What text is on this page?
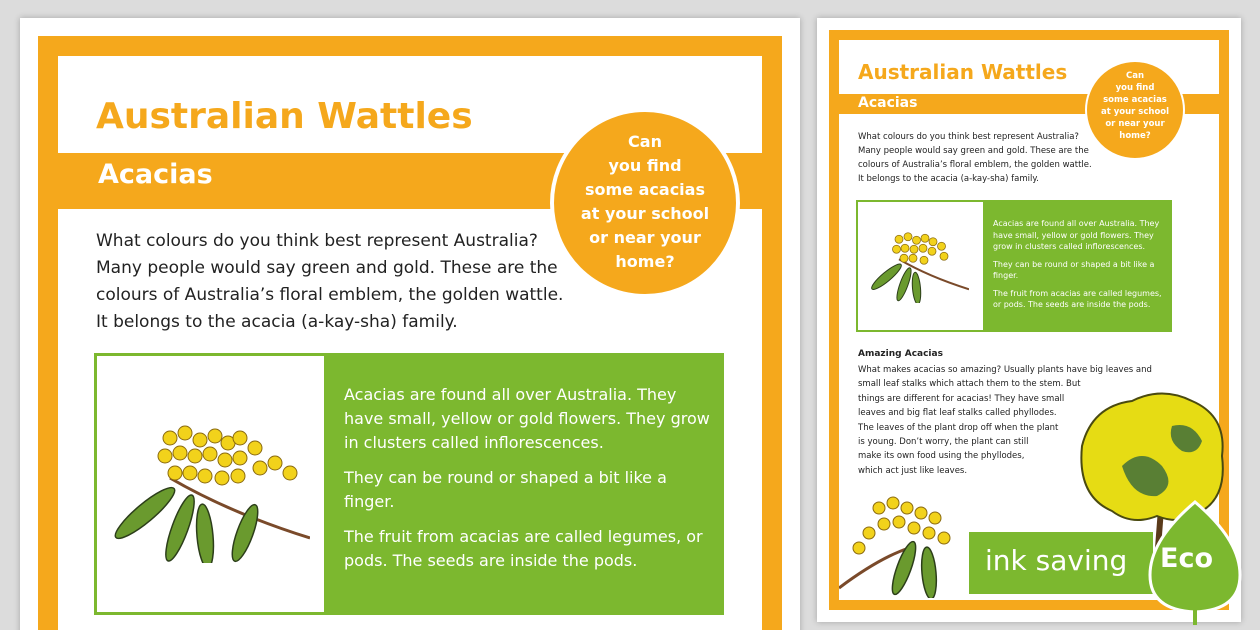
Australian Wattles
Acacias
What colours do you think best represent Australia?
Many people would say green and gold. These are the
colours of Australia’s floral emblem, the golden wattle.
It belongs to the acacia (a-kay-sha) family.

Acacias are found all over Australia. They have small, yellow or gold flowers. They grow in clusters called inflorescences.

They can be round or shaped a bit like a finger.

The fruit from acacias are called legumes, or pods. The seeds are inside the pods.

Can
you find
some acacias
at your school
or near your
home?
Australian Wattles
Acacias
What colours do you think best represent Australia?
Many people would say green and gold. These are the
colours of Australia’s floral emblem, the golden wattle.
It belongs to the acacia (a-kay-sha) family.

Acacias are found all over Australia. They have small, yellow or gold flowers. They grow in clusters called inflorescences.

They can be round or shaped a bit like a finger.

The fruit from acacias are called legumes, or pods. The seeds are inside the pods.

Amazing Acacias
What makes acacias so amazing? Usually plants have big leaves and
small leaf stalks which attach them to the stem. But
things are different for acacias! They have small
leaves and big flat leaf stalks called phyllodes.
The leaves of the plant drop off when the plant
is young. Don’t worry, the plant can still
make its own food using the phyllodes,
which act just like leaves.
Can
you find
some acacias
at your school
or near your
home?
ink saving Eco
